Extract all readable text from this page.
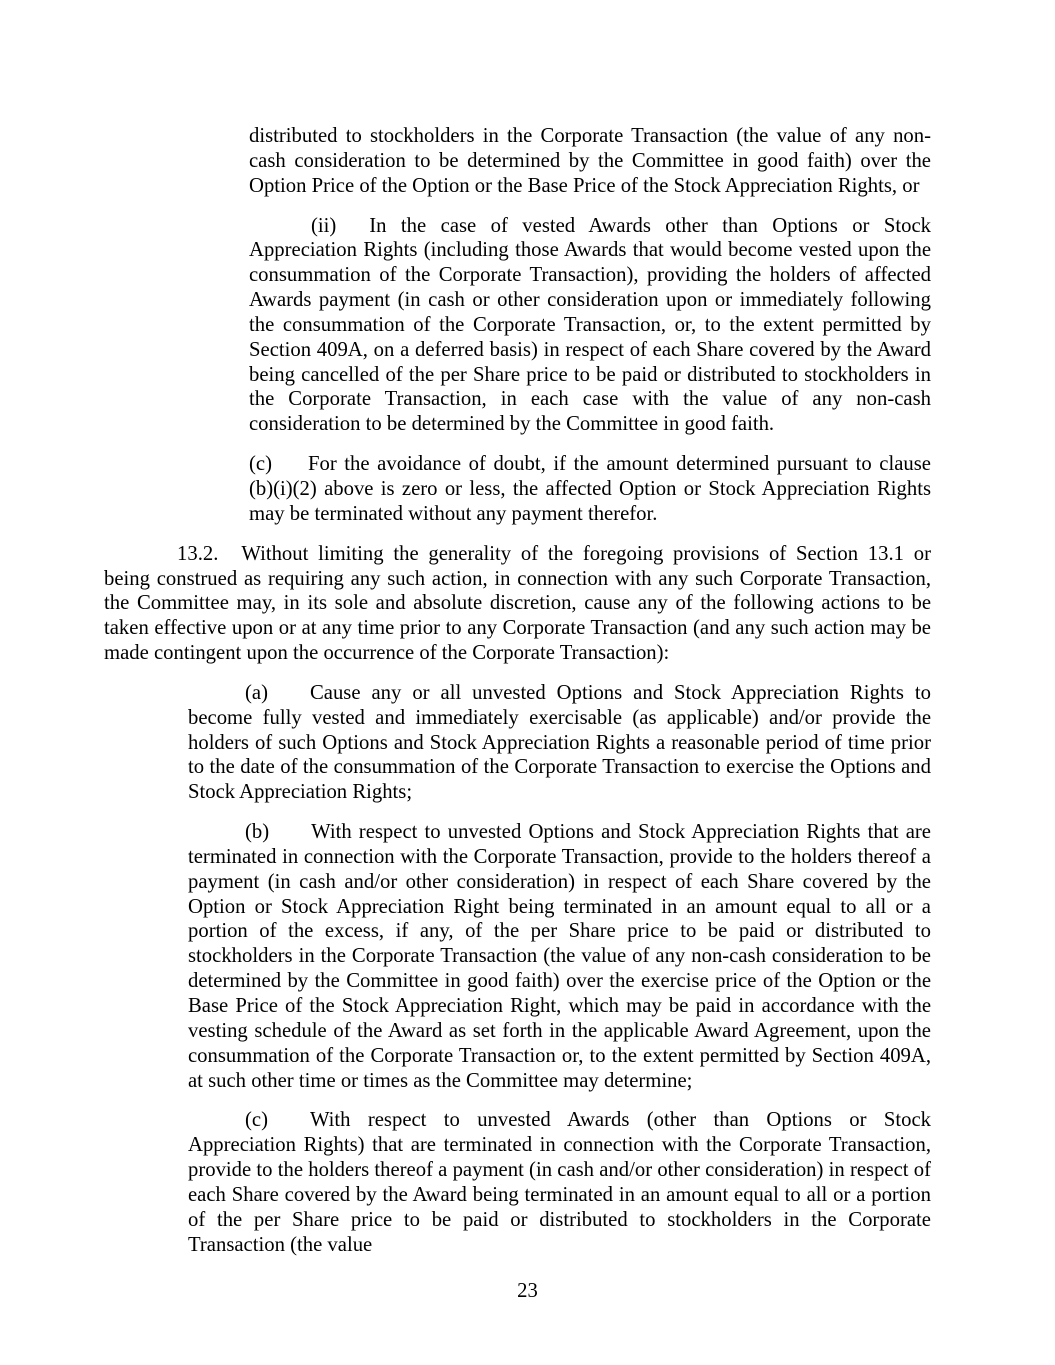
distributed to stockholders in the Corporate Transaction (the value of any non-cash consideration to be determined by the Committee in good faith) over the Option Price of the Option or the Base Price of the Stock Appreciation Rights, or

(ii) In the case of vested Awards other than Options or Stock Appreciation Rights (including those Awards that would become vested upon the consummation of the Corporate Transaction), providing the holders of affected Awards payment (in cash or other consideration upon or immediately following the consummation of the Corporate Transaction, or, to the extent permitted by Section 409A, on a deferred basis) in respect of each Share covered by the Award being cancelled of the per Share price to be paid or distributed to stockholders in the Corporate Transaction, in each case with the value of any non-cash consideration to be determined by the Committee in good faith.

(c) For the avoidance of doubt, if the amount determined pursuant to clause (b)(i)(2) above is zero or less, the affected Option or Stock Appreciation Rights may be terminated without any payment therefor.

13.2. Without limiting the generality of the foregoing provisions of Section 13.1 or being construed as requiring any such action, in connection with any such Corporate Transaction, the Committee may, in its sole and absolute discretion, cause any of the following actions to be taken effective upon or at any time prior to any Corporate Transaction (and any such action may be made contingent upon the occurrence of the Corporate Transaction):

(a) Cause any or all unvested Options and Stock Appreciation Rights to become fully vested and immediately exercisable (as applicable) and/or provide the holders of such Options and Stock Appreciation Rights a reasonable period of time prior to the date of the consummation of the Corporate Transaction to exercise the Options and Stock Appreciation Rights;

(b) With respect to unvested Options and Stock Appreciation Rights that are terminated in connection with the Corporate Transaction, provide to the holders thereof a payment (in cash and/or other consideration) in respect of each Share covered by the Option or Stock Appreciation Right being terminated in an amount equal to all or a portion of the excess, if any, of the per Share price to be paid or distributed to stockholders in the Corporate Transaction (the value of any non-cash consideration to be determined by the Committee in good faith) over the exercise price of the Option or the Base Price of the Stock Appreciation Right, which may be paid in accordance with the vesting schedule of the Award as set forth in the applicable Award Agreement, upon the consummation of the Corporate Transaction or, to the extent permitted by Section 409A, at such other time or times as the Committee may determine;

(c) With respect to unvested Awards (other than Options or Stock Appreciation Rights) that are terminated in connection with the Corporate Transaction, provide to the holders thereof a payment (in cash and/or other consideration) in respect of each Share covered by the Award being terminated in an amount equal to all or a portion of the per Share price to be paid or distributed to stockholders in the Corporate Transaction (the value

23
